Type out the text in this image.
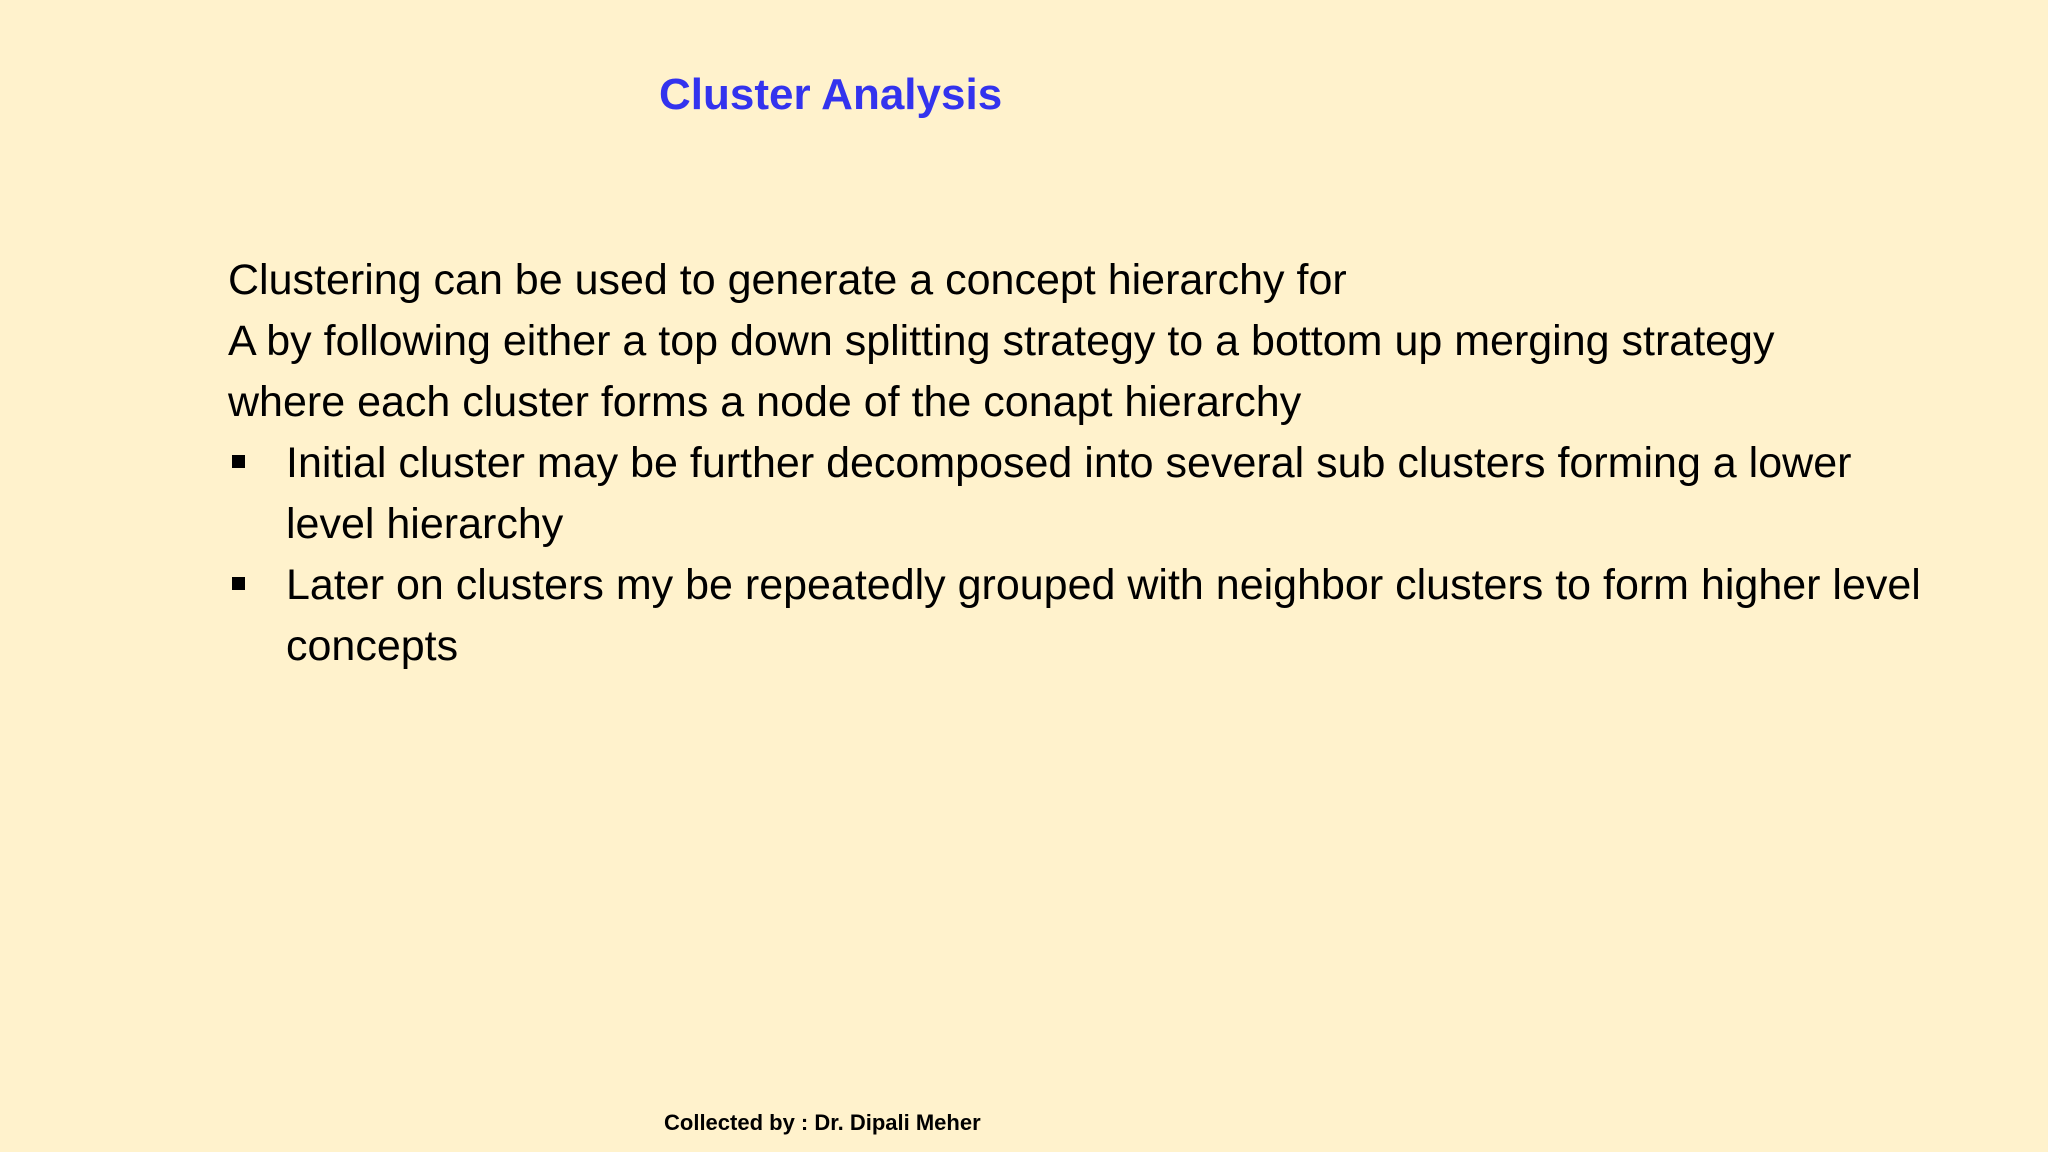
Cluster Analysis
Clustering can be used to generate a concept hierarchy for
A by following either a top down splitting strategy to a bottom up merging strategy
where each cluster forms a node of the conapt hierarchy
Initial cluster may be further decomposed into several sub clusters forming a lower level hierarchy
Later on clusters my be repeatedly grouped with neighbor clusters to form higher level concepts
Collected by : Dr. Dipali Meher
